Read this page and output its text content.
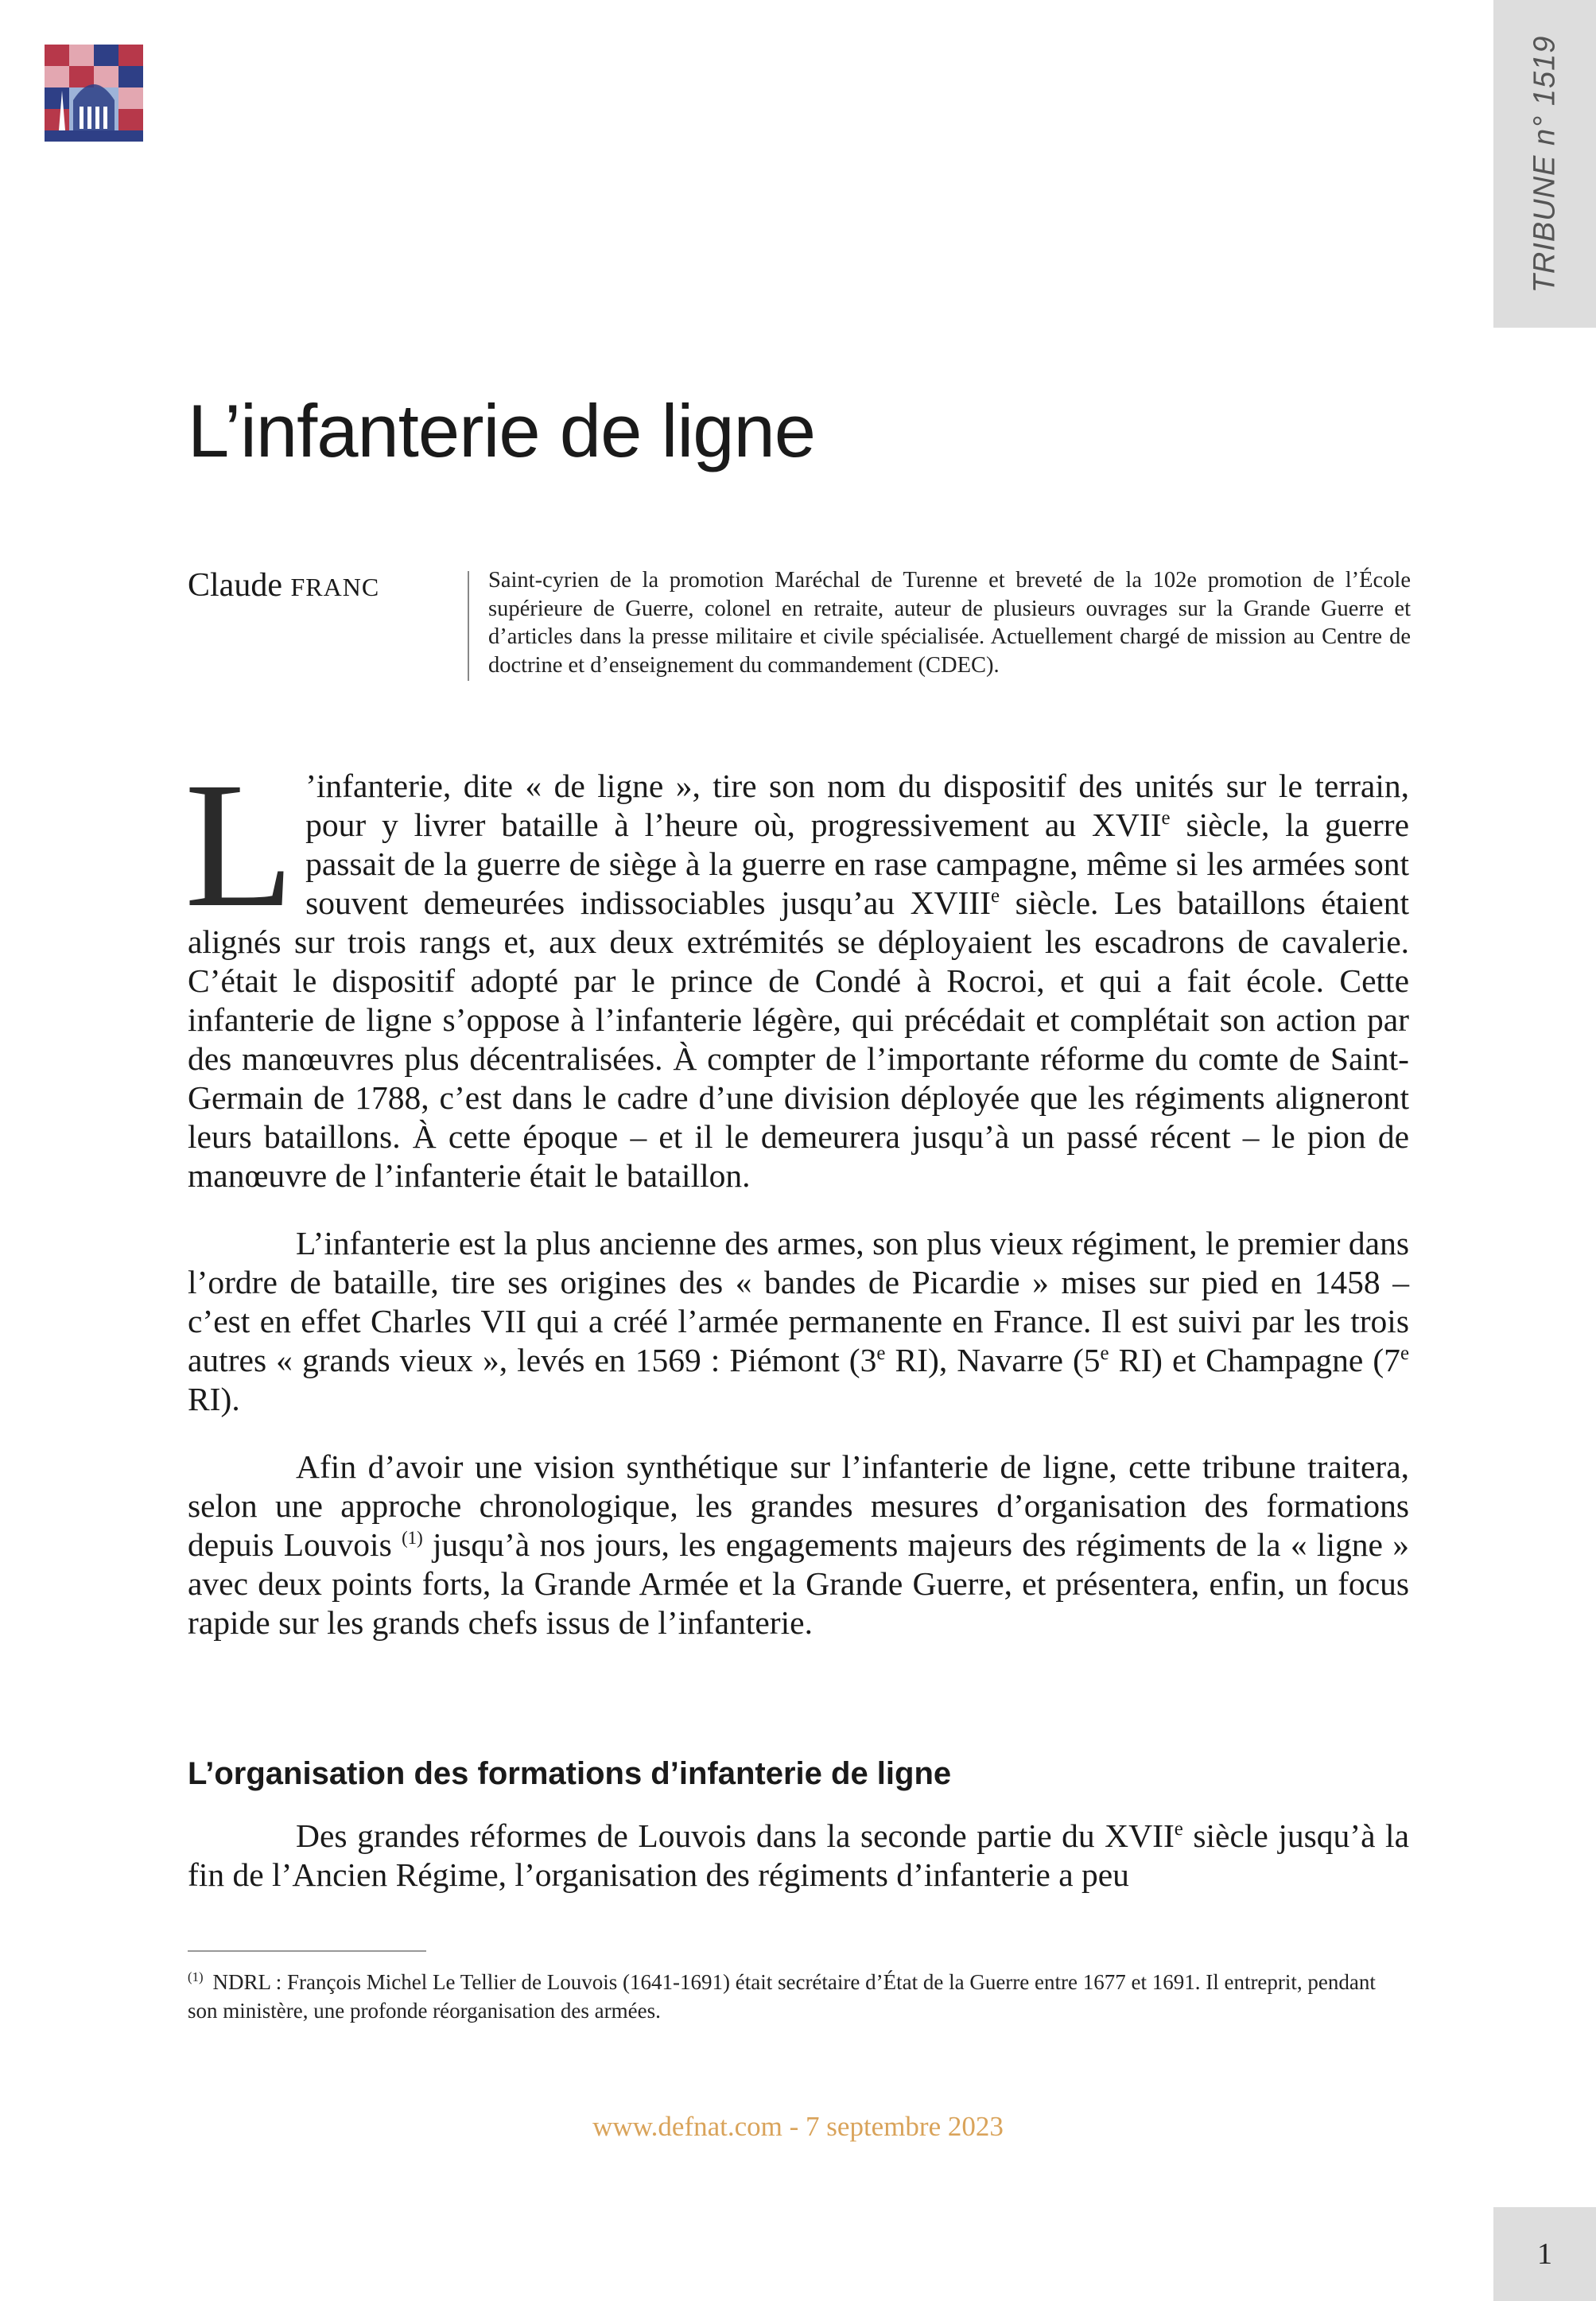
TRIBUNE n° 1519
L’infanterie de ligne
Claude FRANC	Saint-cyrien de la promotion Maréchal de Turenne et breveté de la 102e promotion de l’École supérieure de Guerre, colonel en retraite, auteur de plusieurs ouvrages sur la Grande Guerre et d’articles dans la presse militaire et civile spécialisée. Actuellement chargé de mission au Centre de doctrine et d’enseignement du commandement (CDEC).

L ’infanterie, dite « de ligne », tire son nom du dispositif des unités sur le terrain, pour y livrer bataille à l’heure où, progressivement au XVIIe siècle, la guerre passait de la guerre de siège à la guerre en rase campagne, même si les armées sont souvent demeurées indissociables jusqu’au XVIIIe siècle. Les bataillons étaient alignés sur trois rangs et, aux deux extrémités se déployaient les escadrons de cavalerie. C’était le dispositif adopté par le prince de Condé à Rocroi, et qui a fait école. Cette infanterie de ligne s’oppose à l’infanterie légère, qui précédait et complétait son action par des manœuvres plus décentralisées. À compter de l’importante réforme du comte de Saint-Germain de 1788, c’est dans le cadre d’une division déployée que les régiments aligneront leurs bataillons. À cette époque – et il le demeurera jusqu’à un passé récent – le pion de manœuvre de l’infanterie était le bataillon.

L’infanterie est la plus ancienne des armes, son plus vieux régiment, le premier dans l’ordre de bataille, tire ses origines des « bandes de Picardie » mises sur pied en 1458 – c’est en effet Charles VII qui a créé l’armée permanente en France. Il est suivi par les trois autres « grands vieux », levés en 1569 : Piémont (3e RI), Navarre (5e RI) et Champagne (7e RI).

Afin d’avoir une vision synthétique sur l’infanterie de ligne, cette tribune traitera, selon une approche chronologique, les grandes mesures d’organisation des formations depuis Louvois $^{(1)}$ jusqu’à nos jours, les engagements majeurs des régiments de la « ligne » avec deux points forts, la Grande Armée et la Grande Guerre, et présentera, enfin, un focus rapide sur les grands chefs issus de l’infanterie.

L’organisation des formations d’infanterie de ligne

Des grandes réformes de Louvois dans la seconde partie du XVIIe siècle jusqu’à la fin de l’Ancien Régime, l’organisation des régiments d’infanterie a peu

$^{(1)}$ NDRL : François Michel Le Tellier de Louvois (1641-1691) était secrétaire d’État de la Guerre entre 1677 et 1691. Il entreprit, pendant son ministère, une profonde réorganisation des armées.
www.defnat.com - 7 septembre 2023
1
